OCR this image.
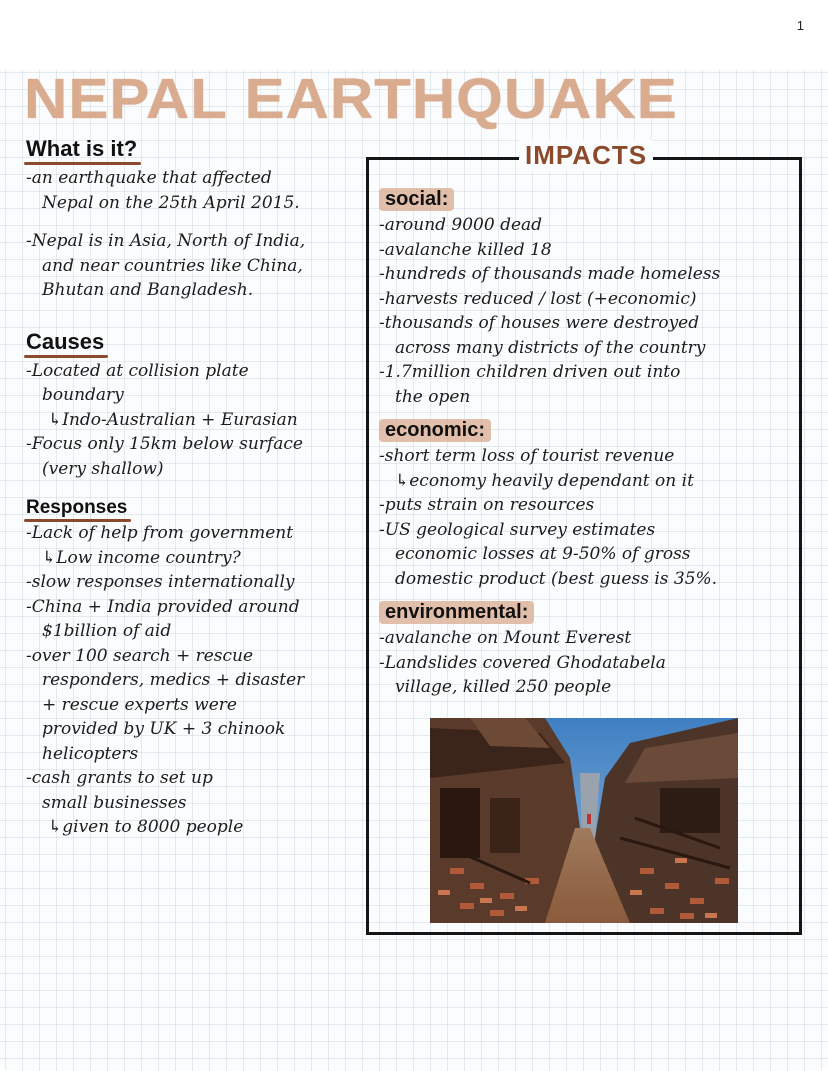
1
NEPAL EARTHQUAKE
What is it?
-an earthquake that affected
Nepal on the 25th April 2015.
-Nepal is in Asia, North of India,
and near countries like China,
Bhutan and Bangladesh.
Causes
-Located at collision plate
boundary
↳Indo-Australian + Eurasian
-Focus only 15km below surface
(very shallow)
Responses
-Lack of help from government
↳Low income country?
-slow responses internationally
-China + India provided around
$1billion of aid
-over 100 search + rescue
responders, medics + disaster
+ rescue experts were
provided by UK + 3 chinook
helicopters
-cash grants to set up
small businesses
↳given to 8000 people
IMPACTS
social:
-around 9000 dead
-avalanche killed 18
-hundreds of thousands made homeless
-harvests reduced / lost (+economic)
-thousands of houses were destroyed
across many districts of the country
-1.7million children driven out into
the open
economic:
-short term loss of tourist revenue
↳economy heavily dependant on it
-puts strain on resources
-US geological survey estimates
economic losses at 9-50% of gross
domestic product (best guess is 35%.
environmental:
-avalanche on Mount Everest
-Landslides covered Ghodatabela
village, killed 250 people
